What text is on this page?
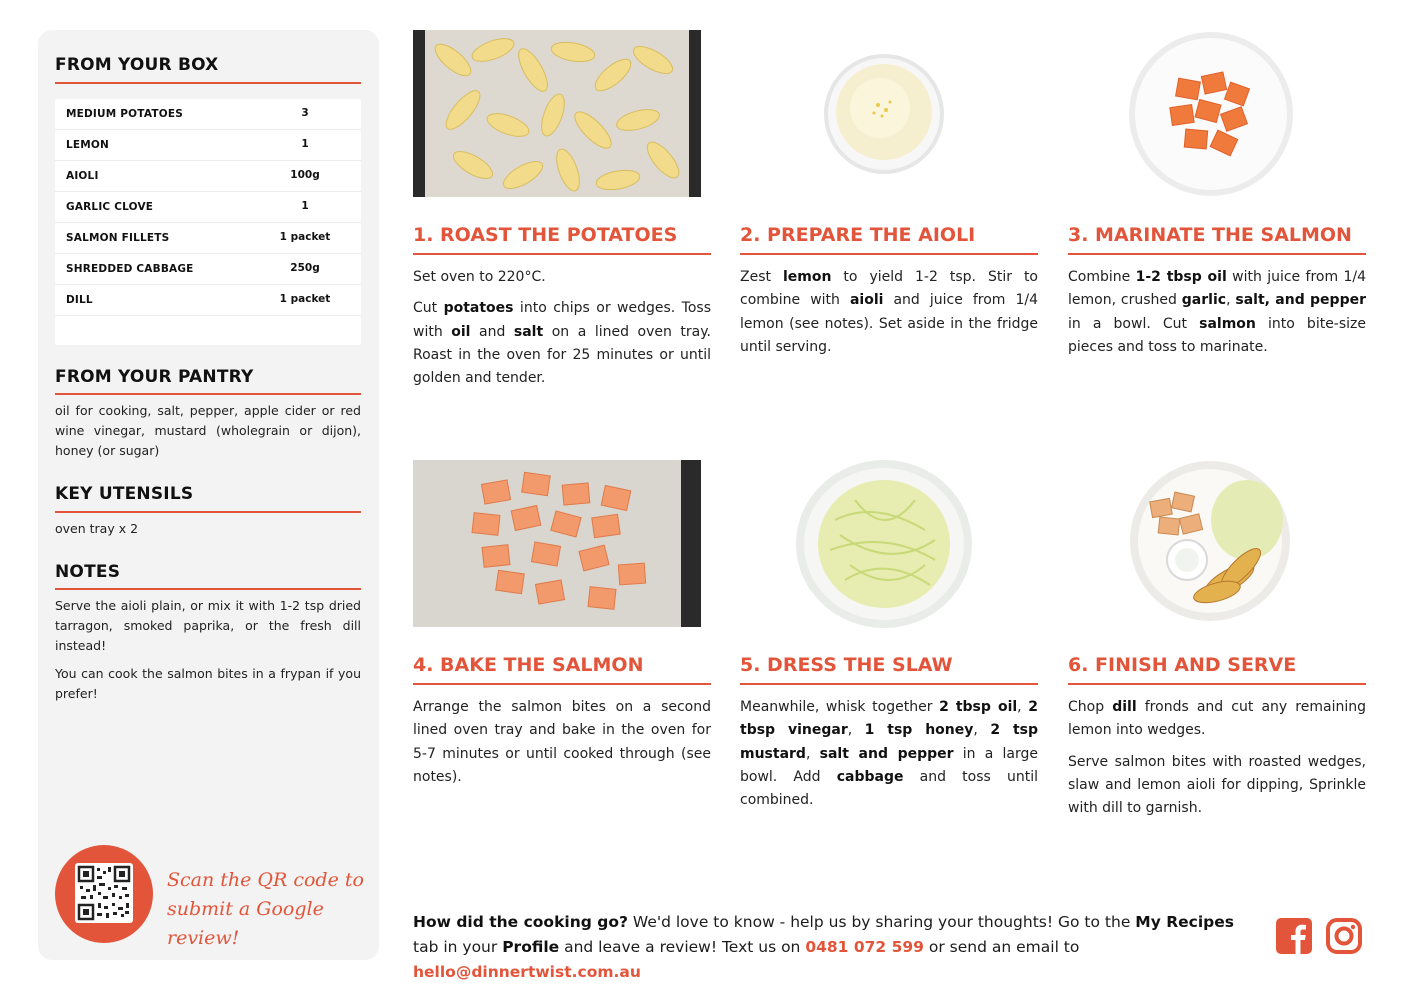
FROM YOUR BOX
MEDIUM POTATOES	3
LEMON	1
AIOLI	100g
GARLIC CLOVE	1
SALMON FILLETS	1 packet
SHREDDED CABBAGE	250g
DILL	1 packet
FROM YOUR PANTRY
oil for cooking, salt, pepper, apple cider or red wine vinegar, mustard (wholegrain or dijon), honey (or sugar)
KEY UTENSILS
oven tray x 2
NOTES
Serve the aioli plain, or mix it with 1-2 tsp dried tarragon, smoked paprika, or the fresh dill instead!
You can cook the salmon bites in a frypan if you prefer!
Scan the QR code to
submit a Google review!
1. ROAST THE POTATOES

Set oven to 220°C.

Cut potatoes into chips or wedges. Toss with oil and salt on a lined oven tray. Roast in the oven for 25 minutes or until golden and tender.

2. PREPARE THE AIOLI

Zest lemon to yield 1-2 tsp. Stir to combine with aioli and juice from 1/4 lemon (see notes). Set aside in the fridge until serving.

3. MARINATE THE SALMON

Combine 1-2 tbsp oil with juice from 1/4 lemon, crushed garlic, salt, and pepper in a bowl. Cut salmon into bite-size pieces and toss to marinate.

4. BAKE THE SALMON

Arrange the salmon bites on a second lined oven tray and bake in the oven for 5-7 minutes or until cooked through (see notes).

5. DRESS THE SLAW

Meanwhile, whisk together 2 tbsp oil, 2 tbsp vinegar, 1 tsp honey, 2 tsp mustard, salt and pepper in a large bowl. Add cabbage and toss until combined.

6. FINISH AND SERVE

Chop dill fronds and cut any remaining lemon into wedges.

Serve salmon bites with roasted wedges, slaw and lemon aioli for dipping, Sprinkle with dill to garnish.

How did the cooking go? We'd love to know - help us by sharing your thoughts! Go to the My Recipes tab in your Profile and leave a review! Text us on 0481 072 599 or send an email to hello@dinnertwist.com.au
